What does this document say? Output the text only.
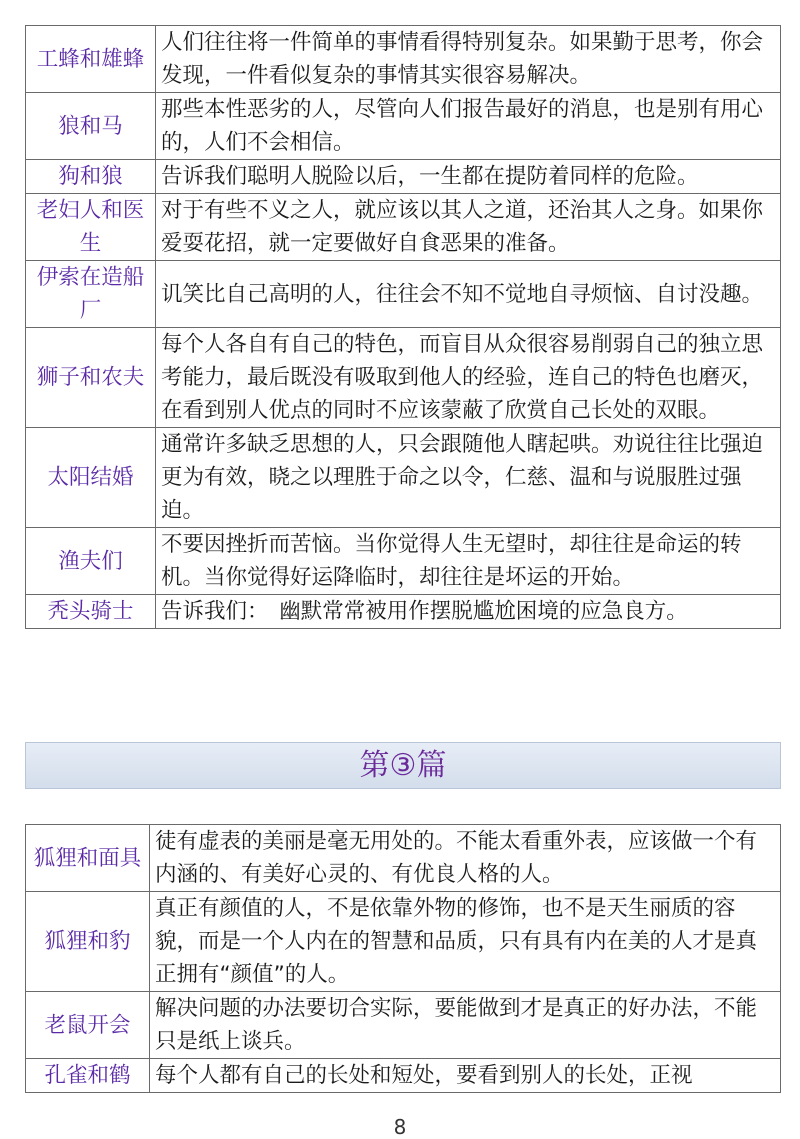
工蜂和雄蜂	人们往往将一件简单的事情看得特别复杂。如果勤于思考，你会发现，一件看似复杂的事情其实很容易解决。
狼和马	那些本性恶劣的人，尽管向人们报告最好的消息，也是别有用心的，人们不会相信。
狗和狼	告诉我们聪明人脱险以后，一生都在提防着同样的危险。
老妇人和医生	对于有些不义之人，就应该以其人之道，还治其人之身。如果你爱耍花招，就一定要做好自食恶果的准备。
伊索在造船厂	讥笑比自己高明的人，往往会不知不觉地自寻烦恼、自讨没趣。
狮子和农夫	每个人各自有自己的特色，而盲目从众很容易削弱自己的独立思考能力，最后既没有吸取到他人的经验，连自己的特色也磨灭，在看到别人优点的同时不应该蒙蔽了欣赏自己长处的双眼。
太阳结婚	通常许多缺乏思想的人，只会跟随他人瞎起哄。劝说往往比强迫更为有效，晓之以理胜于命之以令，仁慈、温和与说服胜过强迫。
渔夫们	不要因挫折而苦恼。当你觉得人生无望时，却往往是命运的转机。当你觉得好运降临时，却往往是坏运的开始。
秃头骑士	告诉我们：　幽默常常被用作摆脱尴尬困境的应急良方。
第③篇
狐狸和面具	徒有虚表的美丽是毫无用处的。不能太看重外表，应该做一个有内涵的、有美好心灵的、有优良人格的人。
狐狸和豹	真正有颜值的人，不是依靠外物的修饰，也不是天生丽质的容貌，而是一个人内在的智慧和品质，只有具有内在美的人才是真正拥有“颜值”的人。
老鼠开会	解决问题的办法要切合实际，要能做到才是真正的好办法，不能只是纸上谈兵。
孔雀和鹤	每个人都有自己的长处和短处，要看到别人的长处，正视
8
